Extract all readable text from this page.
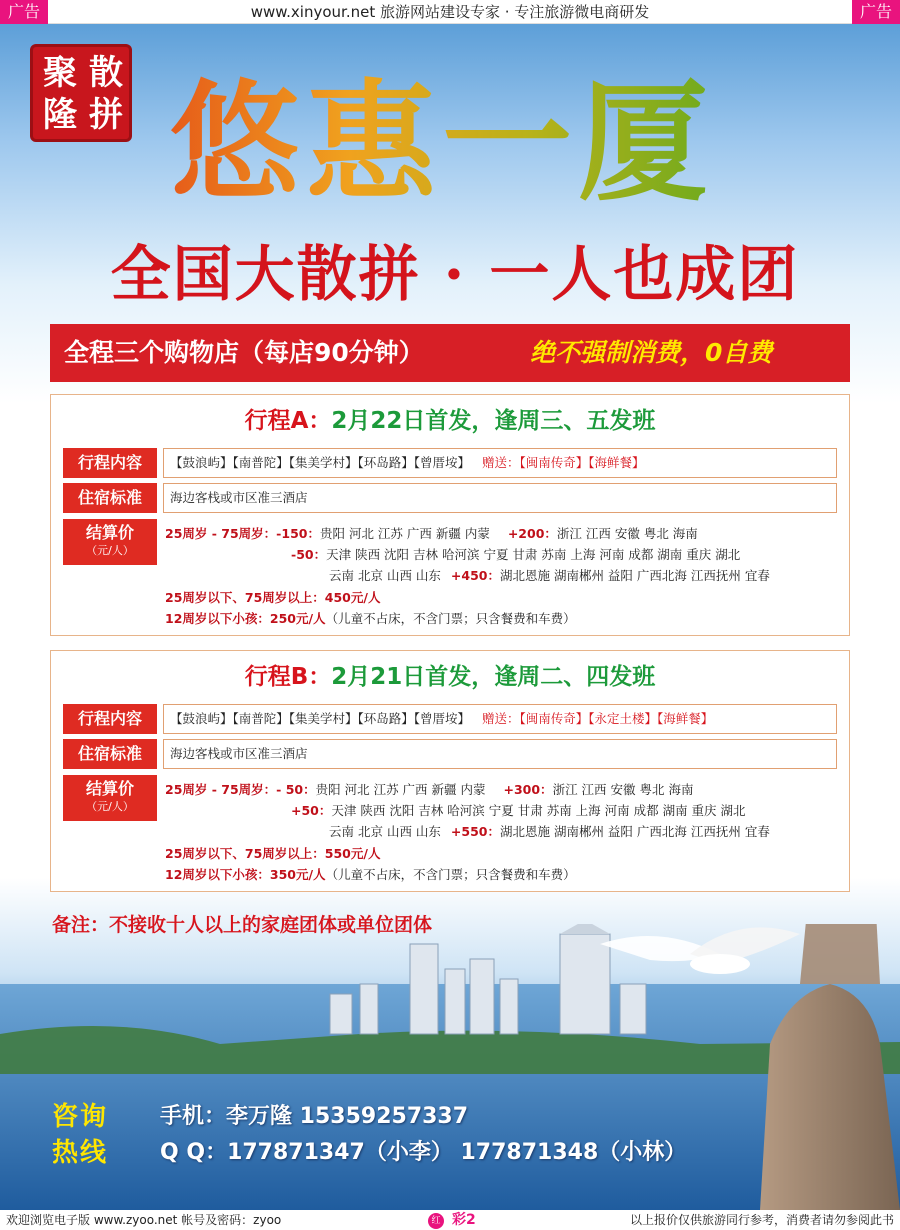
广告	www.xinyour.net 旅游网站建设专家 · 专注旅游微电商研发	广告
散
聚
隆 拼 悠惠一厦
全国大散拼 · 一人也成团
全程三个购物店（每店90分钟）	绝不强制消费，0自费
行程A：2月22日首发，逢周三、五发班
行程内容	【鼓浪屿】【南普陀】【集美学村】【环岛路】【曾厝垵】 赠送：【闽南传奇】【海鲜餐】
住宿标准	海边客栈或市区准三酒店
结算价
（元/人）
25周岁 - 75周岁：-150：贵阳 河北 江苏 广西 新疆 内蒙 +200：浙江 江西 安徽 粤北 海南
-50：天津 陕西 沈阳 吉林 哈河滨 宁夏 甘肃 苏南 上海 河南 成都 湖南 重庆 湖北
云南 北京 山西 山东 +450：湖北恩施 湖南郴州 益阳 广西北海 江西抚州 宜春
25周岁以下、75周岁以上：450元/人
12周岁以下小孩：250元/人（儿童不占床，不含门票；只含餐费和车费）
行程B：2月21日首发，逢周二、四发班
行程内容	【鼓浪屿】【南普陀】【集美学村】【环岛路】【曾厝垵】 赠送：【闽南传奇】【永定土楼】【海鲜餐】
住宿标准	海边客栈或市区准三酒店
结算价
（元/人）
25周岁 - 75周岁：- 50：贵阳 河北 江苏 广西 新疆 内蒙 +300：浙江 江西 安徽 粤北 海南
+50：天津 陕西 沈阳 吉林 哈河滨 宁夏 甘肃 苏南 上海 河南 成都 湖南 重庆 湖北
云南 北京 山西 山东 +550：湖北恩施 湖南郴州 益阳 广西北海 江西抚州 宜春
25周岁以下、75周岁以上：550元/人
12周岁以下小孩：350元/人（儿童不占床，不含门票；只含餐费和车费）
备注：不接收十人以上的家庭团体或单位团体
咨询
热线
手机：李万隆 15359257337
Q Q：177871347（小李） 177871348（小林）
欢迎浏览电子版 www.zyoo.net 帐号及密码：zyoo	红 彩2	以上报价仅供旅游同行参考，消费者请勿参阅此书
